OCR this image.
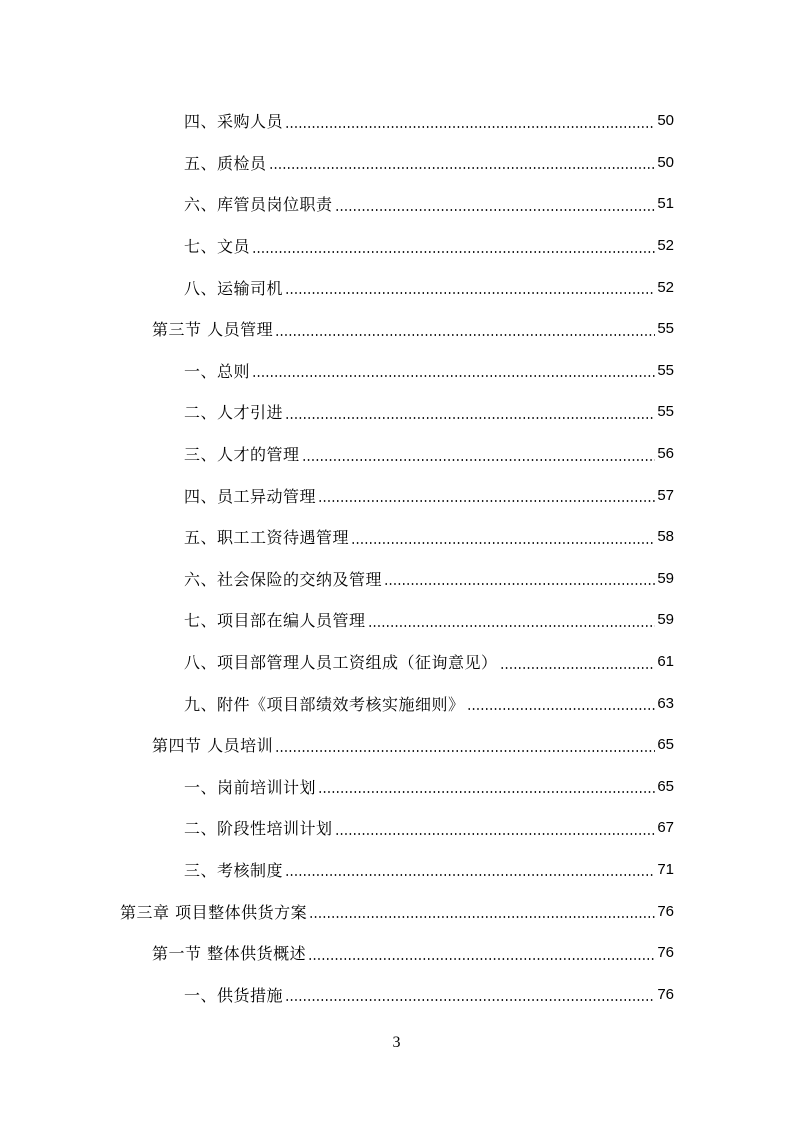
四、采购人员	50
五、质检员	50
六、库管员岗位职责	51
七、文员	52
八、运输司机	52
第三节 人员管理	55
一、总则	55
二、人才引进	55
三、人才的管理	56
四、员工异动管理	57
五、职工工资待遇管理	58
六、社会保险的交纳及管理	59
七、项目部在编人员管理	59
八、项目部管理人员工资组成（征询意见）	61
九、附件《项目部绩效考核实施细则》	63
第四节 人员培训	65
一、岗前培训计划	65
二、阶段性培训计划	67
三、考核制度	71
第三章 项目整体供货方案	76
第一节 整体供货概述	76
一、供货措施	76
3
